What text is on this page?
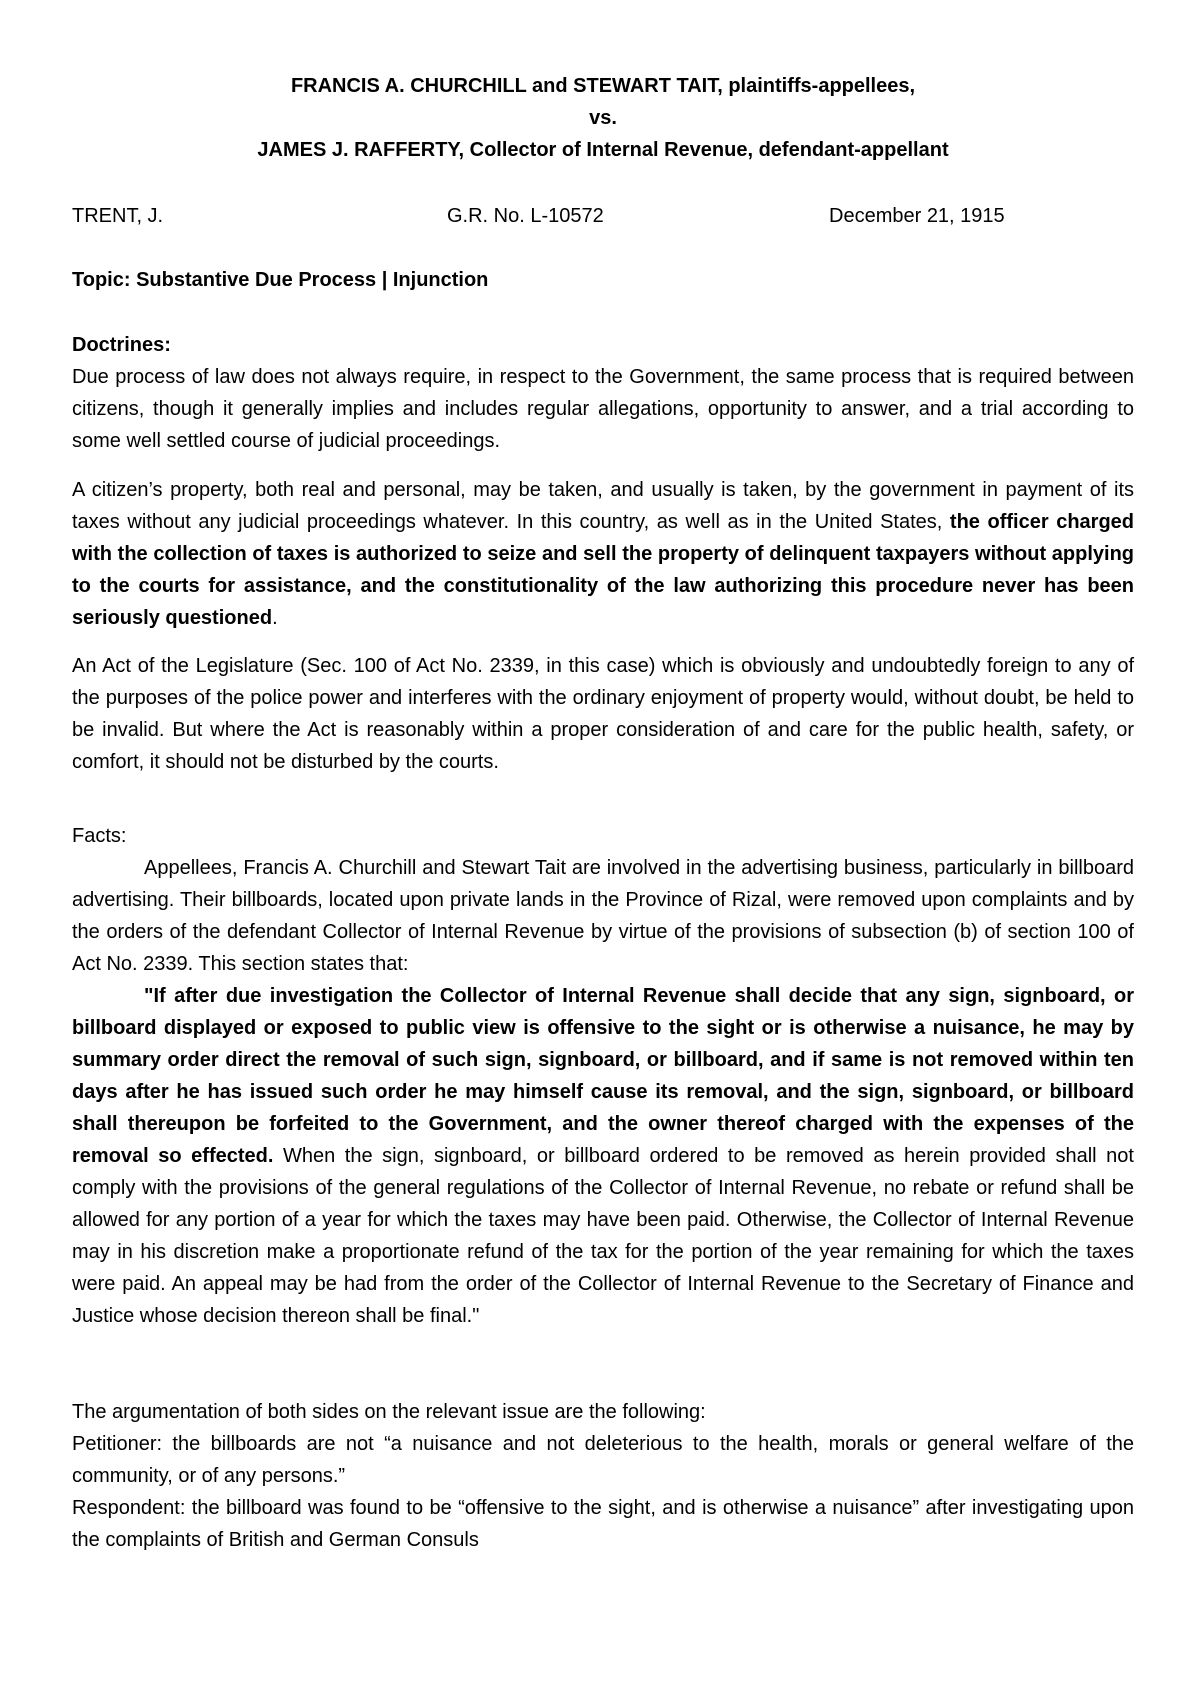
FRANCIS A. CHURCHILL and STEWART TAIT, plaintiffs-appellees,
vs.
JAMES J. RAFFERTY, Collector of Internal Revenue, defendant-appellant
TRENT, J.	G.R. No. L-10572	December 21, 1915
Topic: Substantive Due Process | Injunction
Doctrines:
Due process of law does not always require, in respect to the Government, the same process that is required between citizens, though it generally implies and includes regular allegations, opportunity to answer, and a trial according to some well settled course of judicial proceedings.
A citizen’s property, both real and personal, may be taken, and usually is taken, by the government in payment of its taxes without any judicial proceedings whatever. In this country, as well as in the United States, the officer charged with the collection of taxes is authorized to seize and sell the property of delinquent taxpayers without applying to the courts for assistance, and the constitutionality of the law authorizing this procedure never has been seriously questioned.
An Act of the Legislature (Sec. 100 of Act No. 2339, in this case) which is obviously and undoubtedly foreign to any of the purposes of the police power and interferes with the ordinary enjoyment of property would, without doubt, be held to be invalid. But where the Act is reasonably within a proper consideration of and care for the public health, safety, or comfort, it should not be disturbed by the courts.
Facts:
Appellees, Francis A. Churchill and Stewart Tait are involved in the advertising business, particularly in billboard advertising. Their billboards, located upon private lands in the Province of Rizal, were removed upon complaints and by the orders of the defendant Collector of Internal Revenue by virtue of the provisions of subsection (b) of section 100 of Act No. 2339. This section states that:
"If after due investigation the Collector of Internal Revenue shall decide that any sign, signboard, or billboard displayed or exposed to public view is offensive to the sight or is otherwise a nuisance, he may by summary order direct the removal of such sign, signboard, or billboard, and if same is not removed within ten days after he has issued such order he may himself cause its removal, and the sign, signboard, or billboard shall thereupon be forfeited to the Government, and the owner thereof charged with the expenses of the removal so effected. When the sign, signboard, or billboard ordered to be removed as herein provided shall not comply with the provisions of the general regulations of the Collector of Internal Revenue, no rebate or refund shall be allowed for any portion of a year for which the taxes may have been paid. Otherwise, the Collector of Internal Revenue may in his discretion make a proportionate refund of the tax for the portion of the year remaining for which the taxes were paid. An appeal may be had from the order of the Collector of Internal Revenue to the Secretary of Finance and Justice whose decision thereon shall be final."
The argumentation of both sides on the relevant issue are the following:
Petitioner: the billboards are not “a nuisance and not deleterious to the health, morals or general welfare of the community, or of any persons.”
Respondent: the billboard was found to be “offensive to the sight, and is otherwise a nuisance” after investigating upon the complaints of British and German Consuls
